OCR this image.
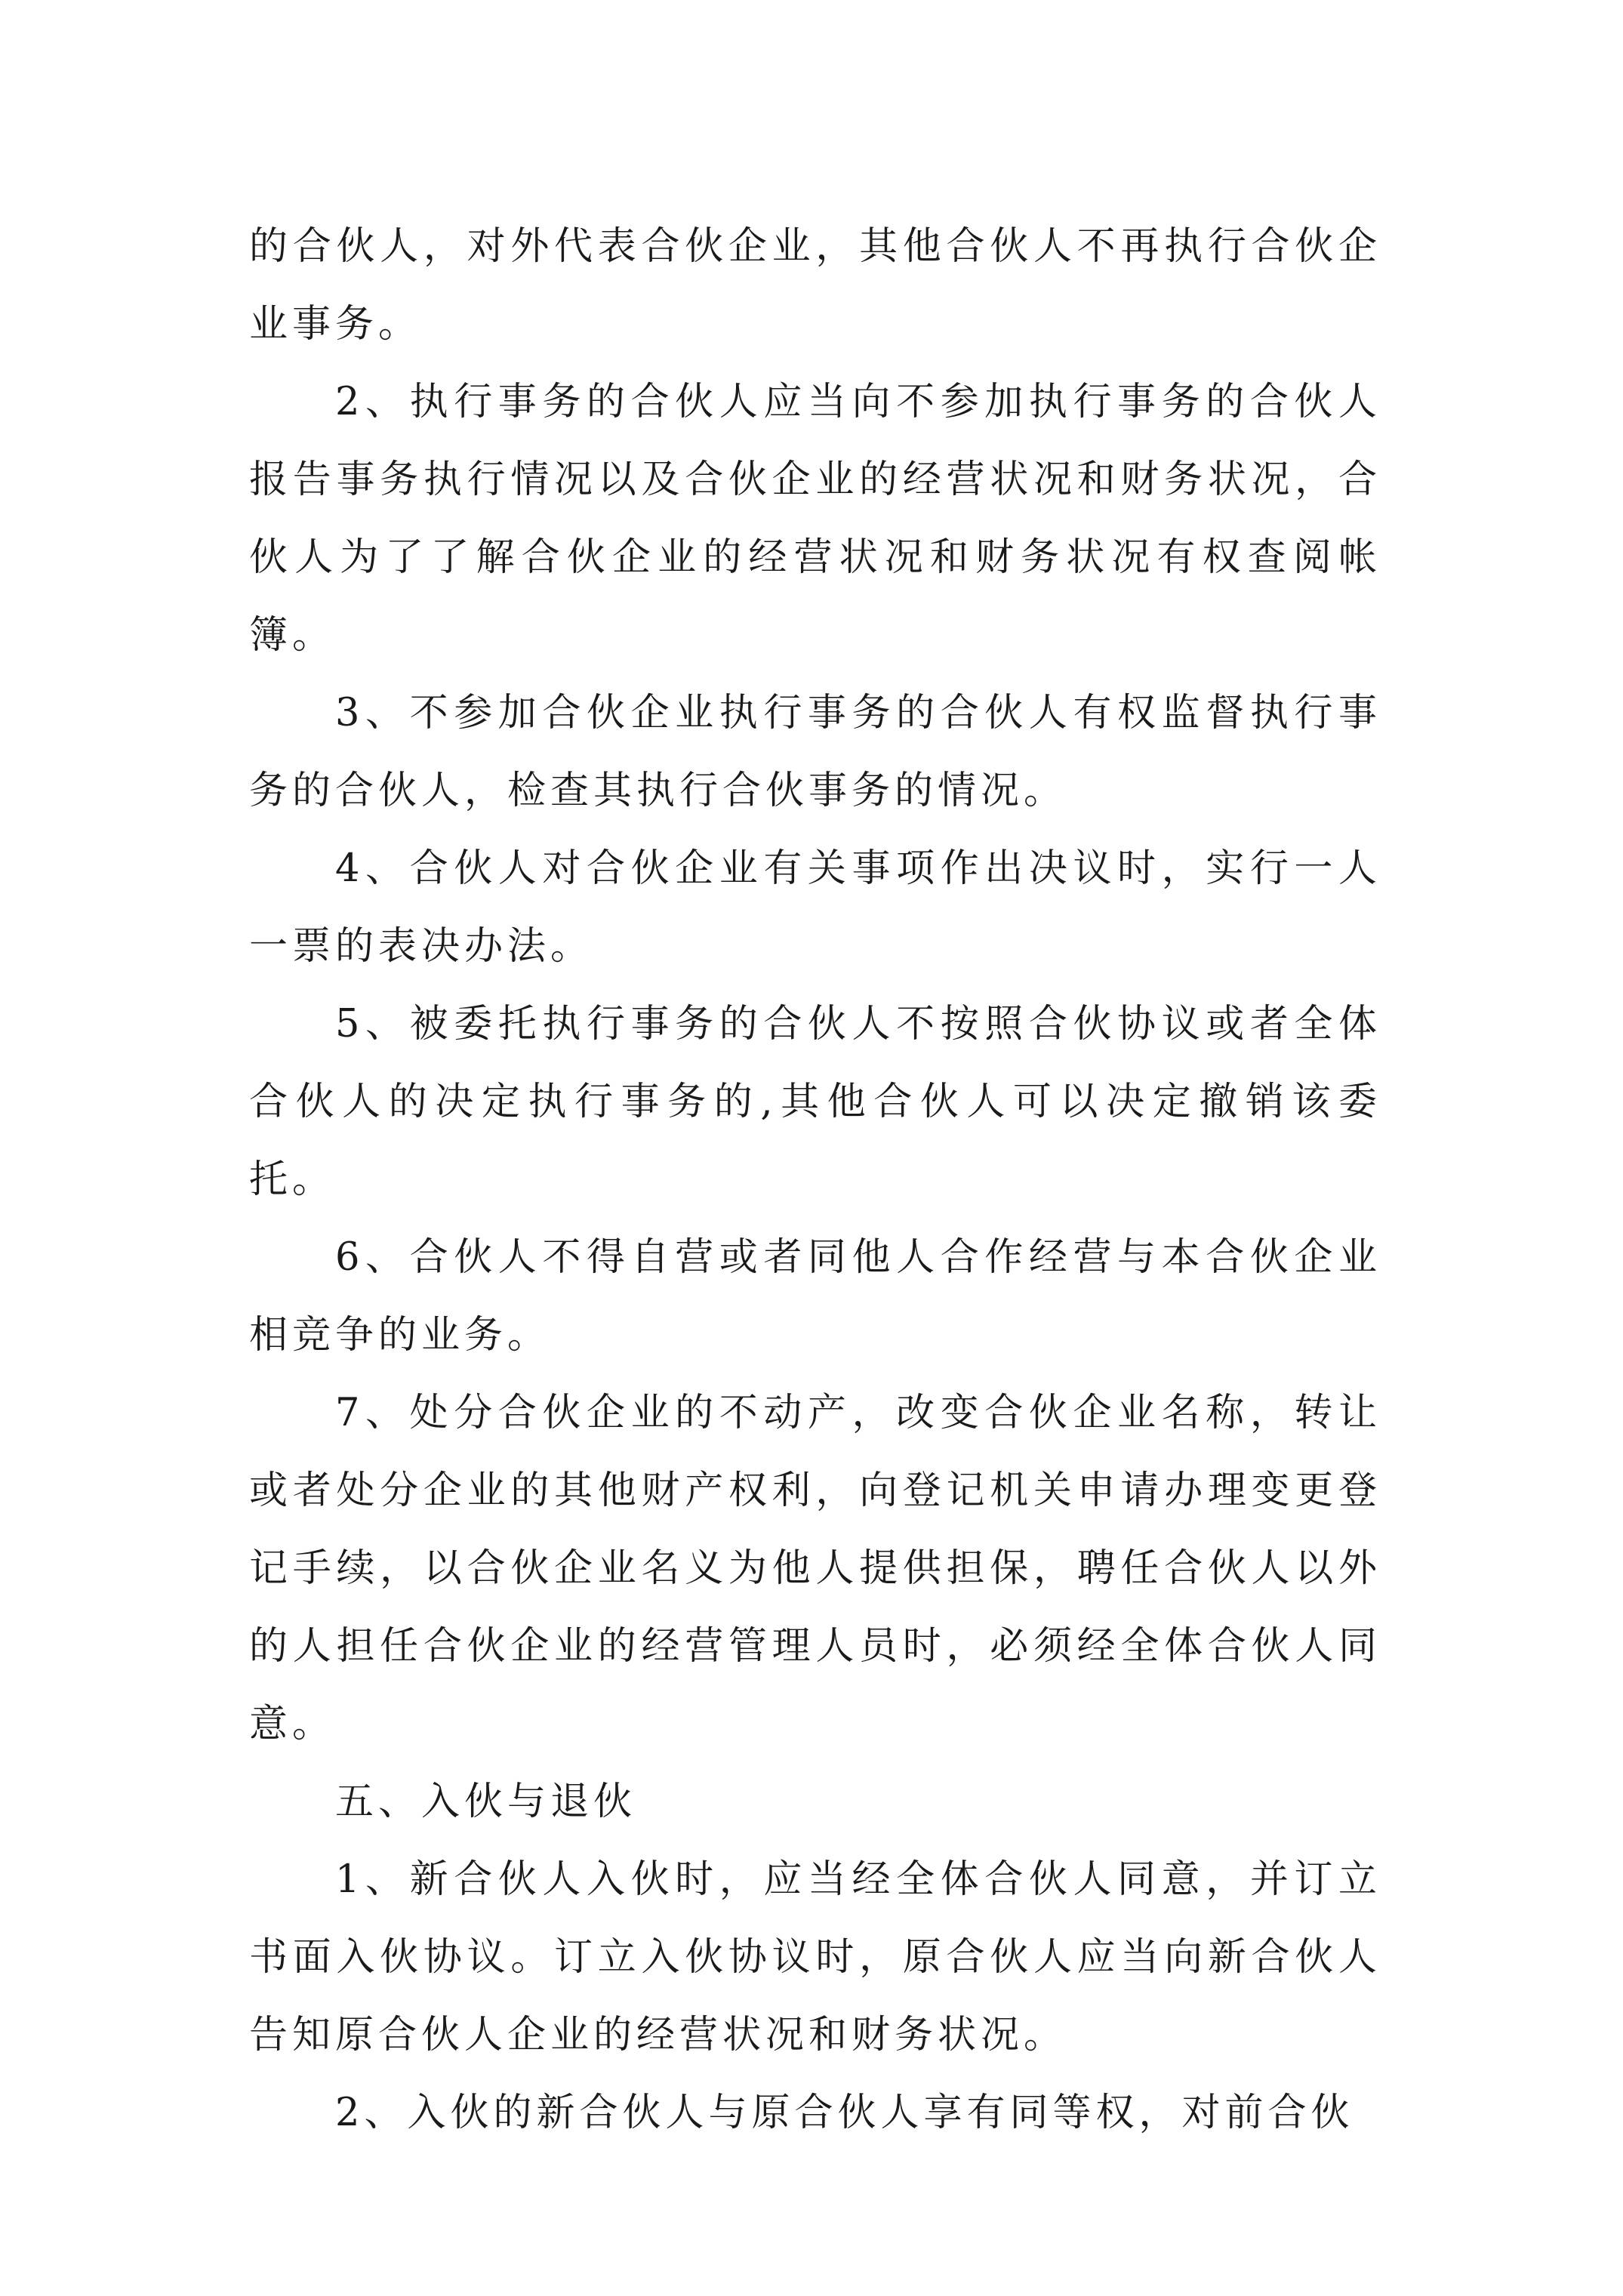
的合伙人，对外代表合伙企业，其他合伙人不再执行合伙企业事务。

2、执行事务的合伙人应当向不参加执行事务的合伙人报告事务执行情况以及合伙企业的经营状况和财务状况，合伙人为了了解合伙企业的经营状况和财务状况有权查阅帐簿。

3、不参加合伙企业执行事务的合伙人有权监督执行事务的合伙人，检查其执行合伙事务的情况。

4、合伙人对合伙企业有关事项作出决议时，实行一人一票的表决办法。

5、被委托执行事务的合伙人不按照合伙协议或者全体合伙人的决定执行事务的,其他合伙人可以决定撤销该委托。

6、合伙人不得自营或者同他人合作经营与本合伙企业相竞争的业务。

7、处分合伙企业的不动产，改变合伙企业名称，转让或者处分企业的其他财产权利，向登记机关申请办理变更登记手续，以合伙企业名义为他人提供担保，聘任合伙人以外的人担任合伙企业的经营管理人员时，必须经全体合伙人同意。

五、入伙与退伙

1、新合伙人入伙时，应当经全体合伙人同意，并订立书面入伙协议。订立入伙协议时，原合伙人应当向新合伙人告知原合伙人企业的经营状况和财务状况。

2、入伙的新合伙人与原合伙人享有同等权，对前合伙
